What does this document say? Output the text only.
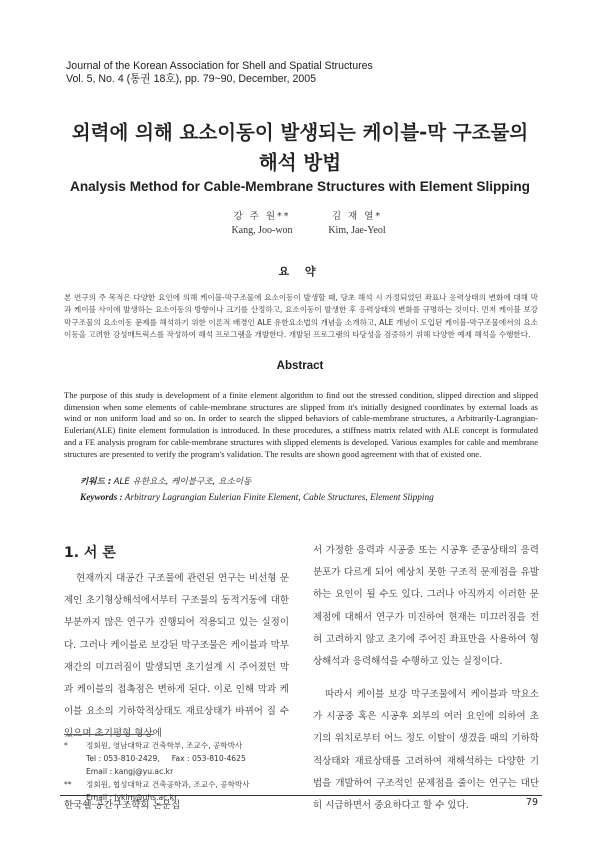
Journal of the Korean Association for Shell and Spatial Structures
Vol. 5, No. 4 (통권 18호), pp. 79~90, December, 2005
외력에 의해 요소이동이 발생되는 케이블-막 구조물의
해석 방법
Analysis Method for Cable-Membrane Structures with Element Slipping
강 주 원**
Kang, Joo-won
김 재 열*
Kim, Jae-Yeol
요 약
본 연구의 주 목적은 다양한 요인에 의해 케이블-막구조물에 요소이동이 발생할 때, 당초 해석 시 가정되었던 좌표나 응력상태의 변화에 대해 막과 케이블 사이에 발생하는 요소이동의 방향이나 크기를 산정하고, 요소이동이 발생한 후 응력상태의 변화를 규명하는 것이다. 먼저 케이블 보강 막구조물의 요소이동 문제를 해석하기 위한 이론적 배경인 ALE 유한요소법의 개념을 소개하고, ALE 개념이 도입된 케이블-막구조물에서의 요소이동을 고려한 강성매트릭스를 작성하여 해석 프로그램을 개발한다. 개발된 프로그램의 타당성을 검증하기 위해 다양한 예제 해석을 수행한다.
Abstract
The purpose of this study is development of a finite element algorithm to find out the stressed condition, slipped direction and slipped dimension when some elements of cable-membrane structures are slipped from it's initially designed coordinates by external loads as wind or non uniform load and so on. In order to search the slipped behaviors of cable-membrane structures, a Arbitrarily-Lagrangian-Eulerian(ALE) finite element formulation is introduced. In these procedures, a stiffness matrix related with ALE concept is formulated and a FE analysis program for cable-membrane structures with slipped elements is developed. Various examples for cable and membrane structures are presented to verify the program's validation. The results are shown good agreement with that of existed one.
키워드 : ALE 유한요소, 케이블구조, 요소이동
Keywords : Arbitrary Lagrangian Eulerian Finite Element, Cable Structures, Element Slipping
1. 서 론
현재까지 대공간 구조물에 관련된 연구는 비선형 문제인 초기형상해석에서부터 구조물의 동적거동에 대한 부분까지 많은 연구가 진행되어 적용되고 있는 실정이다. 그러나 케이블로 보강된 막구조물은 케이블과 막부재간의 미끄러짐이 발생되면 초기설계 시 주어졌던 막과 케이블의 접촉점은 변하게 된다. 이로 인해 막과 케이블 요소의 기하학적상태도 재료상태가 바뀌어 질 수 있으며 초기평형 형상에
서 가정한 응력과 시공중 또는 시공후 준공상태의 응력분포가 다르게 되어 예상치 못한 구조적 문제점을 유발하는 요인이 될 수도 있다. 그러나 아직까지 이러한 문제점에 대해서 연구가 미진하여 현재는 미끄러짐을 전혀 고려하지 않고 초기에 주어진 좌표만을 사용하여 형상해석과 응력해석을 수행하고 있는 실정이다.
따라서 케이블 보강 막구조물에서 케이블과 막요소가 시공중 혹은 시공후 외부의 여러 요인에 의하여 초기의 위치로부터 어느 정도 이탈이 생겼을 때의 기하학적상태와 재료상태를 고려하여 재해석하는 다양한 기법을 개발하여 구조적인 문제점을 줄이는 연구는 대단히 시급하면서 중요하다고 할 수 있다.
* 정회원, 영남대학교 건축학부, 조교수, 공학박사
Tel : 053-810-2429,     Fax : 053-810-4625
Email : kangj@yu.ac.kr
** 정회원, 협성대학교 건축공학과, 조교수, 공학박사
Email : jykim@uhs.ac.kr
한국쉘·공간구조학회 논문집	79
